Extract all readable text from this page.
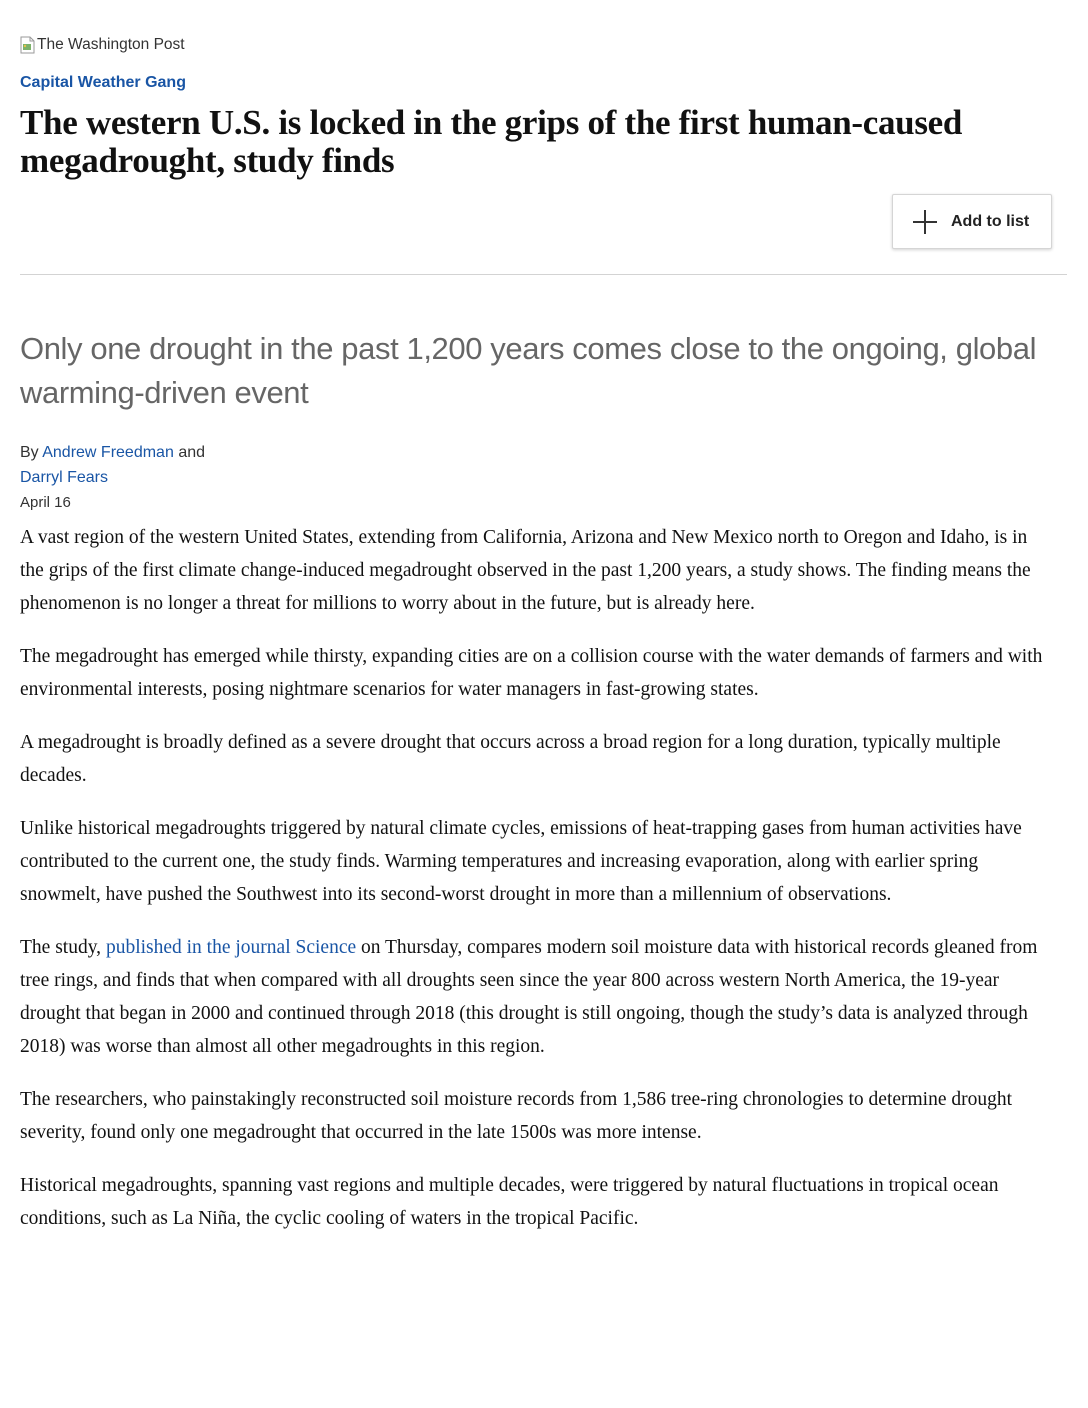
The Washington Post
Capital Weather Gang
The western U.S. is locked in the grips of the first human-caused megadrought, study finds
Add to list
Only one drought in the past 1,200 years comes close to the ongoing, global warming-driven event
By Andrew Freedman and
Darryl Fears
April 16

A vast region of the western United States, extending from California, Arizona and New Mexico north to Oregon and Idaho, is in the grips of the first climate change-induced megadrought observed in the past 1,200 years, a study shows. The finding means the phenomenon is no longer a threat for millions to worry about in the future, but is already here.

The megadrought has emerged while thirsty, expanding cities are on a collision course with the water demands of farmers and with environmental interests, posing nightmare scenarios for water managers in fast-growing states.

A megadrought is broadly defined as a severe drought that occurs across a broad region for a long duration, typically multiple decades.

Unlike historical megadroughts triggered by natural climate cycles, emissions of heat-trapping gases from human activities have contributed to the current one, the study finds. Warming temperatures and increasing evaporation, along with earlier spring snowmelt, have pushed the Southwest into its second-worst drought in more than a millennium of observations.

The study, published in the journal Science on Thursday, compares modern soil moisture data with historical records gleaned from tree rings, and finds that when compared with all droughts seen since the year 800 across western North America, the 19-year drought that began in 2000 and continued through 2018 (this drought is still ongoing, though the study’s data is analyzed through 2018) was worse than almost all other megadroughts in this region.

The researchers, who painstakingly reconstructed soil moisture records from 1,586 tree-ring chronologies to determine drought severity, found only one megadrought that occurred in the late 1500s was more intense.

Historical megadroughts, spanning vast regions and multiple decades, were triggered by natural fluctuations in tropical ocean conditions, such as La Niña, the cyclic cooling of waters in the tropical Pacific.
